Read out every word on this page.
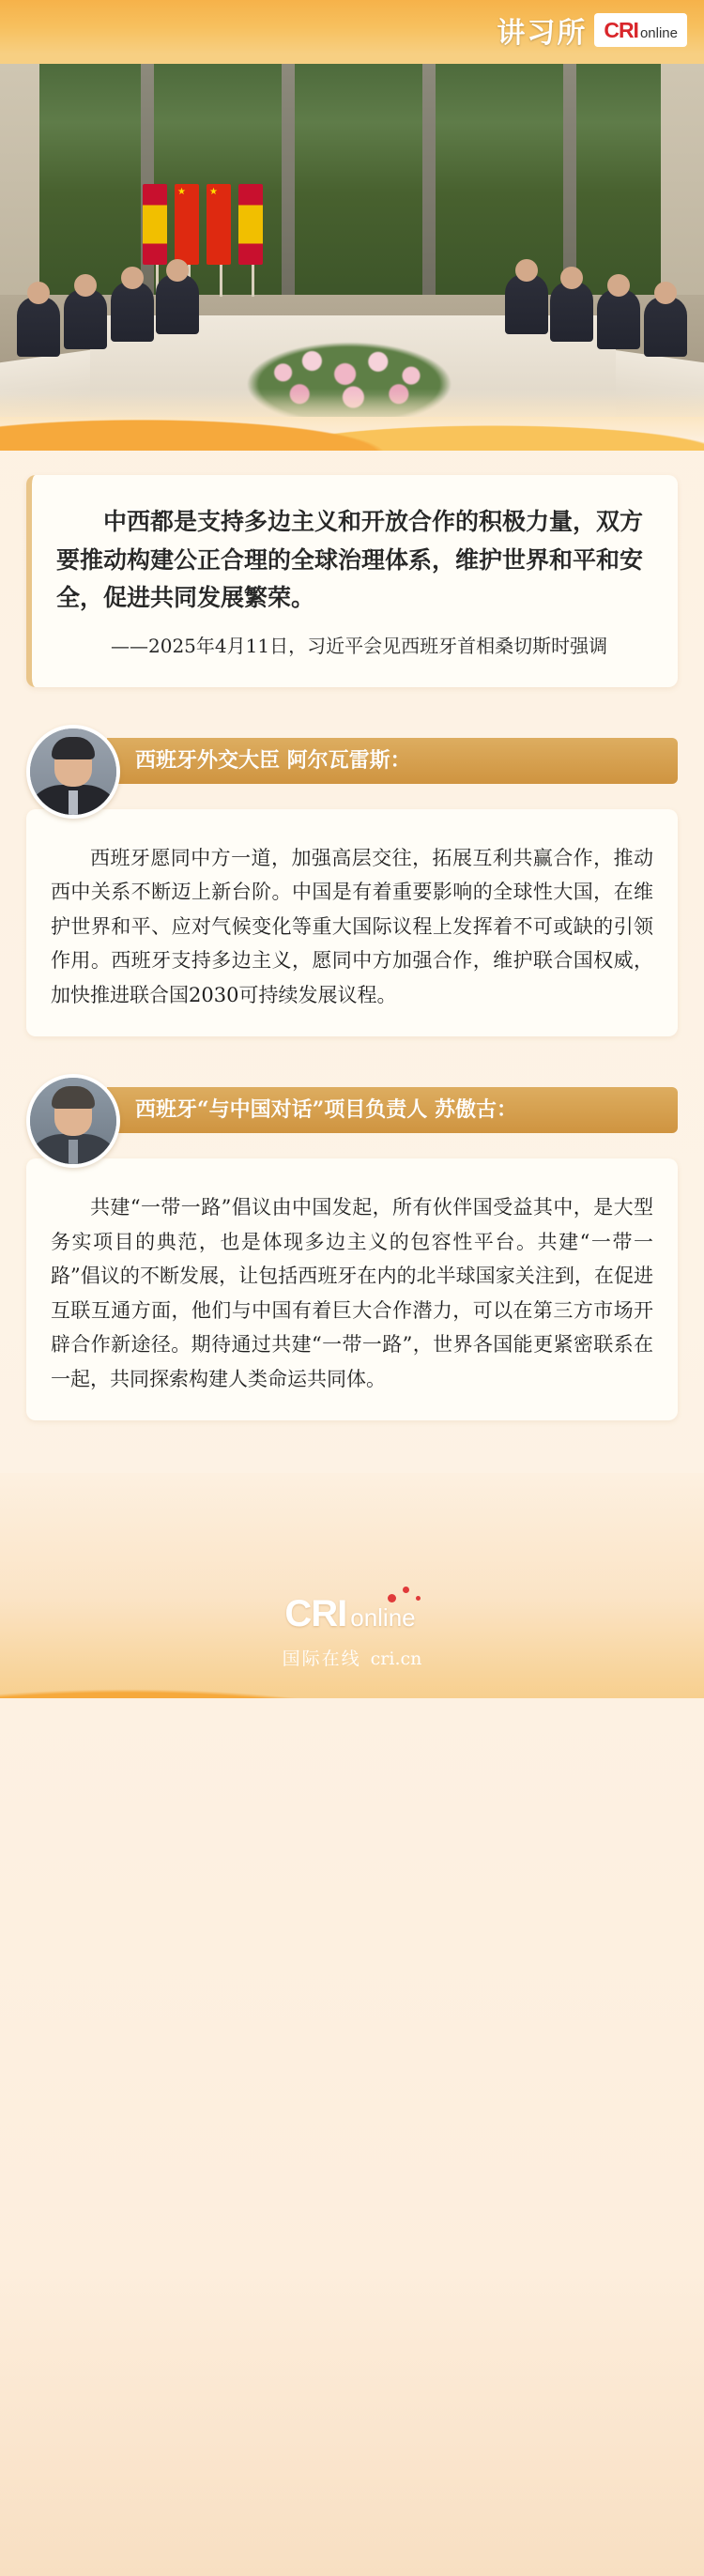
★
★
讲习所 CRI online

中西都是支持多边主义和开放合作的积极力量，双方要推动构建公正合理的全球治理体系，维护世界和平和安全，促进共同发展繁荣。

——2025年4月11日，习近平会见西班牙首相桑切斯时强调

西班牙外交大臣 阿尔瓦雷斯：

西班牙愿同中方一道，加强高层交往，拓展互利共赢合作，推动西中关系不断迈上新台阶。中国是有着重要影响的全球性大国，在维护世界和平、应对气候变化等重大国际议程上发挥着不可或缺的引领作用。西班牙支持多边主义，愿同中方加强合作，维护联合国权威，加快推进联合国2030可持续发展议程。

西班牙“与中国对话”项目负责人 苏傲古：

共建“一带一路”倡议由中国发起，所有伙伴国受益其中，是大型务实项目的典范，也是体现多边主义的包容性平台。共建“一带一路”倡议的不断发展，让包括西班牙在内的北半球国家关注到，在促进互联互通方面，他们与中国有着巨大合作潜力，可以在第三方市场开辟合作新途径。期待通过共建“一带一路”，世界各国能更紧密联系在一起，共同探索构建人类命运共同体。

CRI online
国际在线 cri.cn
